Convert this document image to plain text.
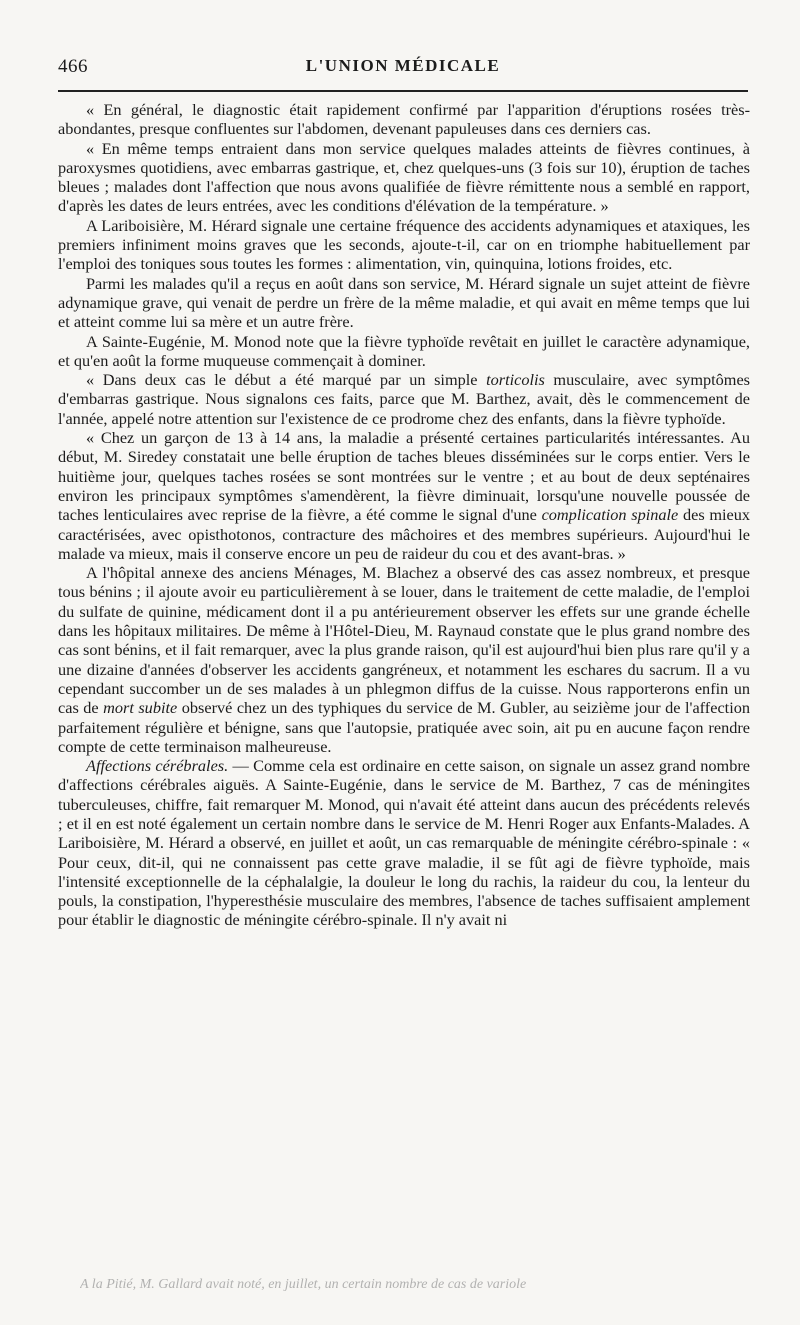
466	L'UNION MÉDICALE

« En général, le diagnostic était rapidement confirmé par l'apparition d'éruptions rosées très-abondantes, presque confluentes sur l'abdomen, devenant papuleuses dans ces derniers cas.

« En même temps entraient dans mon service quelques malades atteints de fièvres continues, à paroxysmes quotidiens, avec embarras gastrique, et, chez quelques-uns (3 fois sur 10), éruption de taches bleues ; malades dont l'affection que nous avons qualifiée de fièvre rémittente nous a semblé en rapport, d'après les dates de leurs entrées, avec les conditions d'élévation de la température. »

A Lariboisière, M. Hérard signale une certaine fréquence des accidents adynamiques et ataxiques, les premiers infiniment moins graves que les seconds, ajoute-t-il, car on en triomphe habituellement par l'emploi des toniques sous toutes les formes : alimentation, vin, quinquina, lotions froides, etc.

Parmi les malades qu'il a reçus en août dans son service, M. Hérard signale un sujet atteint de fièvre adynamique grave, qui venait de perdre un frère de la même maladie, et qui avait en même temps que lui et atteint comme lui sa mère et un autre frère.

A Sainte-Eugénie, M. Monod note que la fièvre typhoïde revêtait en juillet le caractère adynamique, et qu'en août la forme muqueuse commençait à dominer.

« Dans deux cas le début a été marqué par un simple torticolis musculaire, avec symptômes d'embarras gastrique. Nous signalons ces faits, parce que M. Barthez, avait, dès le commencement de l'année, appelé notre attention sur l'existence de ce prodrome chez des enfants, dans la fièvre typhoïde.

« Chez un garçon de 13 à 14 ans, la maladie a présenté certaines particularités intéressantes. Au début, M. Siredey constatait une belle éruption de taches bleues disséminées sur le corps entier. Vers le huitième jour, quelques taches rosées se sont montrées sur le ventre ; et au bout de deux septénaires environ les principaux symptômes s'amendèrent, la fièvre diminuait, lorsqu'une nouvelle poussée de taches lenticulaires avec reprise de la fièvre, a été comme le signal d'une complication spinale des mieux caractérisées, avec opisthotonos, contracture des mâchoires et des membres supérieurs. Aujourd'hui le malade va mieux, mais il conserve encore un peu de raideur du cou et des avant-bras. »

A l'hôpital annexe des anciens Ménages, M. Blachez a observé des cas assez nombreux, et presque tous bénins ; il ajoute avoir eu particulièrement à se louer, dans le traitement de cette maladie, de l'emploi du sulfate de quinine, médicament dont il a pu antérieurement observer les effets sur une grande échelle dans les hôpitaux militaires. De même à l'Hôtel-Dieu, M. Raynaud constate que le plus grand nombre des cas sont bénins, et il fait remarquer, avec la plus grande raison, qu'il est aujourd'hui bien plus rare qu'il y a une dizaine d'années d'observer les accidents gangréneux, et notamment les eschares du sacrum. Il a vu cependant succomber un de ses malades à un phlegmon diffus de la cuisse. Nous rapporterons enfin un cas de mort subite observé chez un des typhiques du service de M. Gubler, au seizième jour de l'affection parfaitement régulière et bénigne, sans que l'autopsie, pratiquée avec soin, ait pu en aucune façon rendre compte de cette terminaison malheureuse.

Affections cérébrales. — Comme cela est ordinaire en cette saison, on signale un assez grand nombre d'affections cérébrales aiguës. A Sainte-Eugénie, dans le service de M. Barthez, 7 cas de méningites tuberculeuses, chiffre, fait remarquer M. Monod, qui n'avait été atteint dans aucun des précédents relevés ; et il en est noté également un certain nombre dans le service de M. Henri Roger aux Enfants-Malades. A Lariboisière, M. Hérard a observé, en juillet et août, un cas remarquable de méningite cérébro-spinale : « Pour ceux, dit-il, qui ne connaissent pas cette grave maladie, il se fût agi de fièvre typhoïde, mais l'intensité exceptionnelle de la céphalalgie, la douleur le long du rachis, la raideur du cou, la lenteur du pouls, la constipation, l'hyperesthésie musculaire des membres, l'absence de taches suffisaient amplement pour établir le diagnostic de méningite cérébro-spinale. Il n'y avait ni

A la Pitié, M. Gallard avait noté, en juillet, un certain nombre de cas de variole
